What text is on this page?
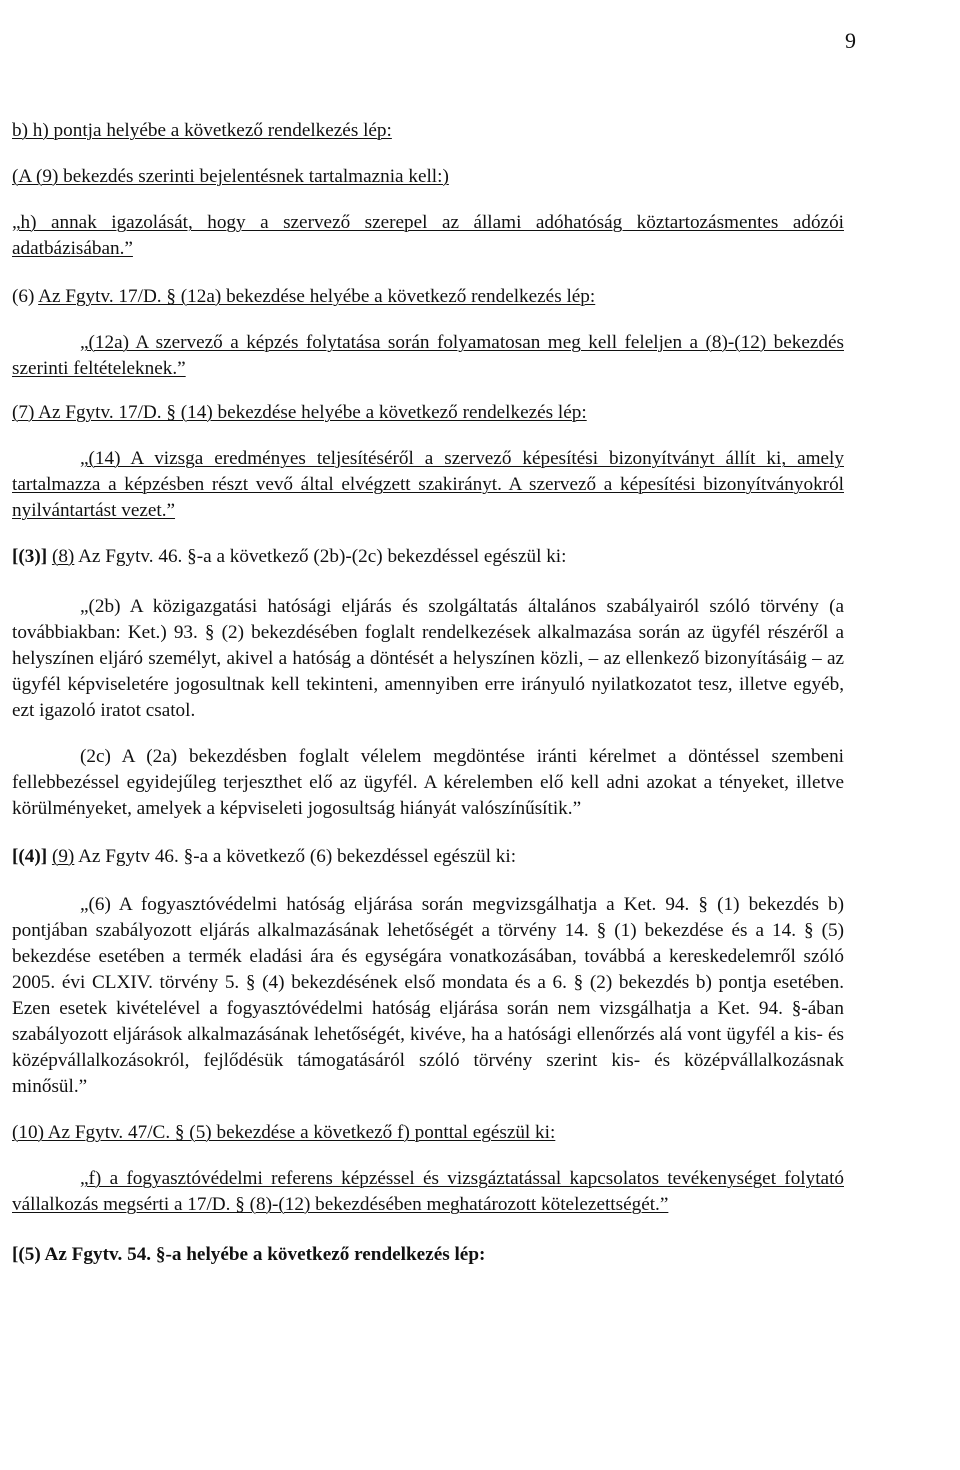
9

b) h) pontja helyébe a következő rendelkezés lép:

(A (9) bekezdés szerinti bejelentésnek tartalmaznia kell:)

„h) annak igazolását, hogy a szervező szerepel az állami adóhatóság köztartozásmentes adózói adatbázisában.”

(6) Az Fgytv. 17/D. § (12a) bekezdése helyébe a következő rendelkezés lép:

„(12a) A szervező a képzés folytatása során folyamatosan meg kell feleljen a (8)-(12) bekezdés szerinti feltételeknek.”

(7) Az Fgytv. 17/D. § (14) bekezdése helyébe a következő rendelkezés lép:

„(14) A vizsga eredményes teljesítéséről a szervező képesítési bizonyítványt állít ki, amely tartalmazza a képzésben részt vevő által elvégzett szakirányt. A szervező a képesítési bizonyítványokról nyilvántartást vezet.”

[(3)] (8) Az Fgytv. 46. §-a a következő (2b)-(2c) bekezdéssel egészül ki:

„(2b) A közigazgatási hatósági eljárás és szolgáltatás általános szabályairól szóló törvény (a továbbiakban: Ket.) 93. § (2) bekezdésében foglalt rendelkezések alkalmazása során az ügyfél részéről a helyszínen eljáró személyt, akivel a hatóság a döntését a helyszínen közli, – az ellenkező bizonyításáig – az ügyfél képviseletére jogosultnak kell tekinteni, amennyiben erre irányuló nyilatkozatot tesz, illetve egyéb, ezt igazoló iratot csatol.

(2c) A (2a) bekezdésben foglalt vélelem megdöntése iránti kérelmet a döntéssel szembeni fellebbezéssel egyidejűleg terjeszthet elő az ügyfél. A kérelemben elő kell adni azokat a tényeket, illetve körülményeket, amelyek a képviseleti jogosultság hiányát valószínűsítik.”

[(4)] (9) Az Fgytv 46. §-a a következő (6) bekezdéssel egészül ki:

„(6) A fogyasztóvédelmi hatóság eljárása során megvizsgálhatja a Ket. 94. § (1) bekezdés b) pontjában szabályozott eljárás alkalmazásának lehetőségét a törvény 14. § (1) bekezdése és a 14. § (5) bekezdése esetében a termék eladási ára és egységára vonatkozásában, továbbá a kereskedelemről szóló 2005. évi CLXIV. törvény 5. § (4) bekezdésének első mondata és a 6. § (2) bekezdés b) pontja esetében. Ezen esetek kivételével a fogyasztóvédelmi hatóság eljárása során nem vizsgálhatja a Ket. 94. §-ában szabályozott eljárások alkalmazásának lehetőségét, kivéve, ha a hatósági ellenőrzés alá vont ügyfél a kis- és középvállalkozásokról, fejlődésük támogatásáról szóló törvény szerint kis- és középvállalkozásnak minősül.”

(10) Az Fgytv. 47/C. § (5) bekezdése a következő f) ponttal egészül ki:

„f) a fogyasztóvédelmi referens képzéssel és vizsgáztatással kapcsolatos tevékenységet folytató vállalkozás megsérti a 17/D. § (8)-(12) bekezdésében meghatározott kötelezettségét.”

[(5) Az Fgytv. 54. §-a helyébe a következő rendelkezés lép:
